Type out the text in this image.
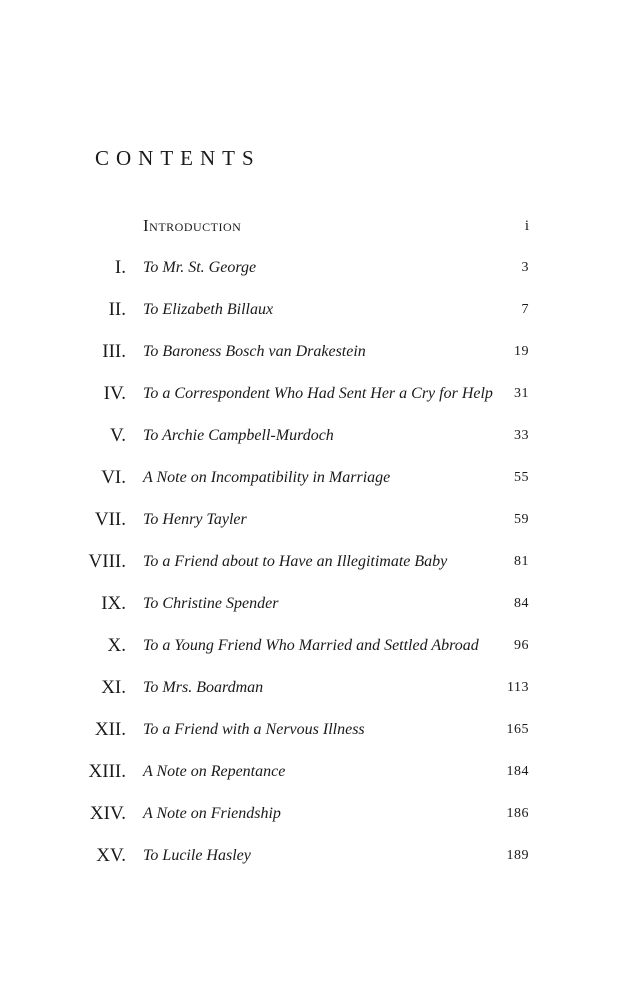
contents
Introduction	i
I. To Mr. St. George	3
II. To Elizabeth Billaux	7
III. To Baroness Bosch van Drakestein	19
IV. To a Correspondent Who Had Sent Her a Cry for Help 31
V. To Archie Campbell-Murdoch	33
VI. A Note on Incompatibility in Marriage	55
VII. To Henry Tayler	59
VIII. To a Friend about to Have an Illegitimate Baby	81
IX. To Christine Spender	84
X. To a Young Friend Who Married and Settled Abroad	96
XI. To Mrs. Boardman	113
XII. To a Friend with a Nervous Illness	165
XIII. A Note on Repentance	184
XIV. A Note on Friendship	186
XV. To Lucile Hasley	189
